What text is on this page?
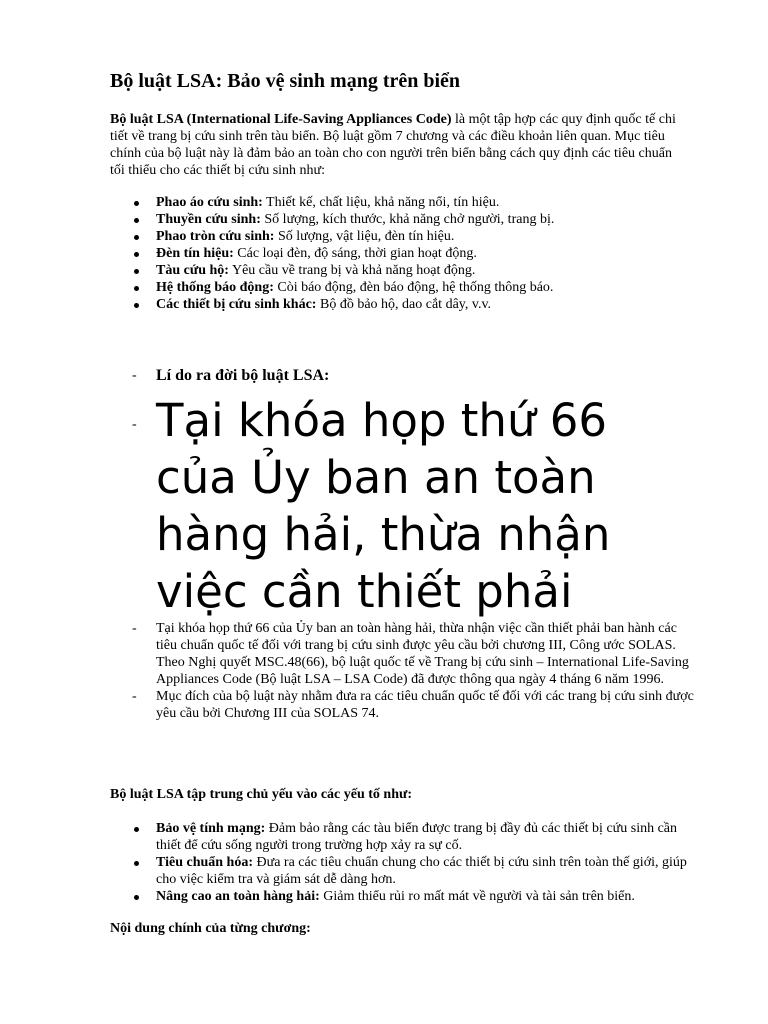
Bộ luật LSA: Bảo vệ sinh mạng trên biển

Bộ luật LSA (International Life-Saving Appliances Code) là một tập hợp các quy định quốc tế chi tiết về trang bị cứu sinh trên tàu biển. Bộ luật gồm 7 chương và các điều khoản liên quan. Mục tiêu chính của bộ luật này là đảm bảo an toàn cho con người trên biển bằng cách quy định các tiêu chuẩn tối thiểu cho các thiết bị cứu sinh như:

Phao áo cứu sinh: Thiết kế, chất liệu, khả năng nổi, tín hiệu.
Thuyền cứu sinh: Số lượng, kích thước, khả năng chở người, trang bị.
Phao tròn cứu sinh: Số lượng, vật liệu, đèn tín hiệu.
Đèn tín hiệu: Các loại đèn, độ sáng, thời gian hoạt động.
Tàu cứu hộ: Yêu cầu về trang bị và khả năng hoạt động.
Hệ thống báo động: Còi báo động, đèn báo động, hệ thống thông báo.
Các thiết bị cứu sinh khác: Bộ đồ bảo hộ, dao cắt dây, v.v.
- Lí do ra đời bộ luật LSA:
- Tại khóa họp thứ 66 của Ủy ban an toàn hàng hải, thừa nhận việc cần thiết phải
- Tại khóa họp thứ 66 của Ủy ban an toàn hàng hải, thừa nhận việc cần thiết phải ban hành các tiêu chuẩn quốc tế đối với trang bị cứu sinh được yêu cầu bởi chương III, Công ước SOLAS. Theo Nghị quyết MSC.48(66), bộ luật quốc tế về Trang bị cứu sinh – International Life-Saving Appliances Code (Bộ luật LSA – LSA Code) đã được thông qua ngày 4 tháng 6 năm 1996.
- Mục đích của bộ luật này nhằm đưa ra các tiêu chuẩn quốc tế đối với các trang bị cứu sinh được yêu cầu bởi Chương III của SOLAS 74.

Bộ luật LSA tập trung chủ yếu vào các yếu tố như:

Bảo vệ tính mạng: Đảm bảo rằng các tàu biển được trang bị đầy đủ các thiết bị cứu sinh cần thiết để cứu sống người trong trường hợp xảy ra sự cố.
Tiêu chuẩn hóa: Đưa ra các tiêu chuẩn chung cho các thiết bị cứu sinh trên toàn thế giới, giúp cho việc kiểm tra và giám sát dễ dàng hơn.
Nâng cao an toàn hàng hải: Giảm thiểu rủi ro mất mát về người và tài sản trên biển.

Nội dung chính của từng chương:
